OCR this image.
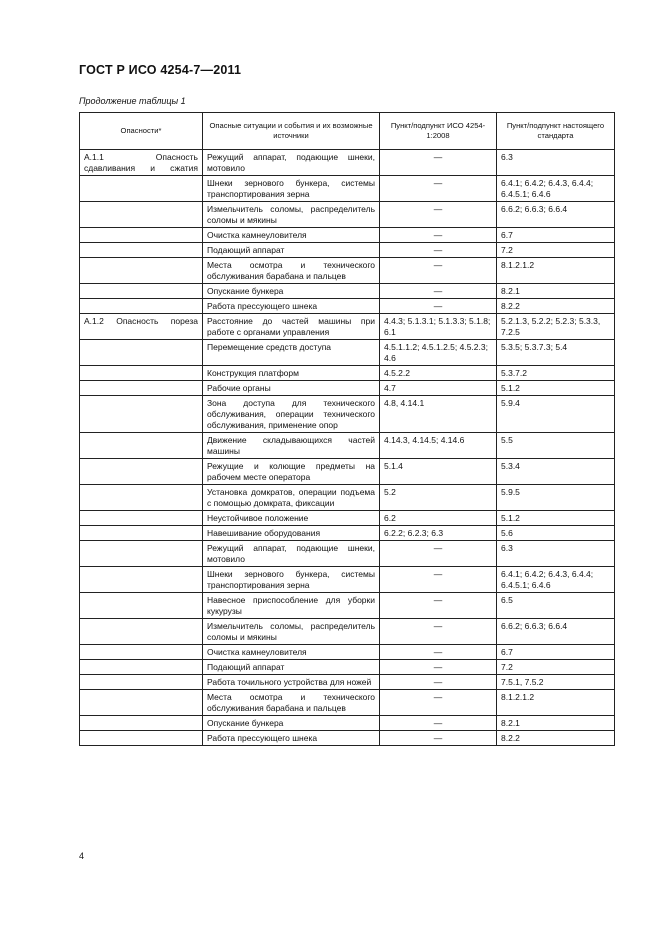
ГОСТ Р ИСО 4254-7—2011
Продолжение таблицы 1
Опасности*	Опасные ситуации и события и их возможные источники	Пункт/подпункт ИСО 4254-1:2008	Пункт/подпункт настоящего стандарта
А.1.1 Опасность сдавливания и сжатия	Режущий аппарат, подающие шнеки, мотовило	—	6.3
	Шнеки зернового бункера, системы транспортирования зерна	—	6.4.1; 6.4.2; 6.4.3, 6.4.4; 6.4.5.1; 6.4.6
	Измельчитель соломы, распределитель соломы и мякины	—	6.6.2; 6.6.3; 6.6.4
	Очистка камнеуловителя	—	6.7
	Подающий аппарат	—	7.2
	Места осмотра и технического обслуживания барабана и пальцев	—	8.1.2.1.2
	Опускание бункера	—	8.2.1
	Работа прессующего шнека	—	8.2.2
А.1.2 Опасность пореза	Расстояние до частей машины при работе с органами управления	4.4.3; 5.1.3.1; 5.1.3.3; 5.1.8; 6.1	5.2.1.3, 5.2.2; 5.2.3; 5.3.3, 7.2.5
	Перемещение средств доступа	4.5.1.1.2; 4.5.1.2.5; 4.5.2.3; 4.6	5.3.5; 5.3.7.3; 5.4
	Конструкция платформ	4.5.2.2	5.3.7.2
	Рабочие органы	4.7	5.1.2
	Зона доступа для технического обслуживания, операции технического обслуживания, применение опор	4.8, 4.14.1	5.9.4
	Движение складывающихся частей машины	4.14.3, 4.14.5; 4.14.6	5.5
	Режущие и колющие предметы на рабочем месте оператора	5.1.4	5.3.4
	Установка домкратов, операции подъема с помощью домкрата, фиксации	5.2	5.9.5
	Неустойчивое положение	6.2	5.1.2
	Навешивание оборудования	6.2.2; 6.2.3; 6.3	5.6
	Режущий аппарат, подающие шнеки, мотовило	—	6.3
	Шнеки зернового бункера, системы транспортирования зерна	—	6.4.1; 6.4.2; 6.4.3, 6.4.4; 6.4.5.1; 6.4.6
	Навесное приспособление для уборки кукурузы	—	6.5
	Измельчитель соломы, распределитель соломы и мякины	—	6.6.2; 6.6.3; 6.6.4
	Очистка камнеуловителя	—	6.7
	Подающий аппарат	—	7.2
	Работа точильного устройства для ножей	—	7.5.1, 7.5.2
	Места осмотра и технического обслуживания барабана и пальцев	—	8.1.2.1.2
	Опускание бункера	—	8.2.1
	Работа прессующего шнека	—	8.2.2
4
